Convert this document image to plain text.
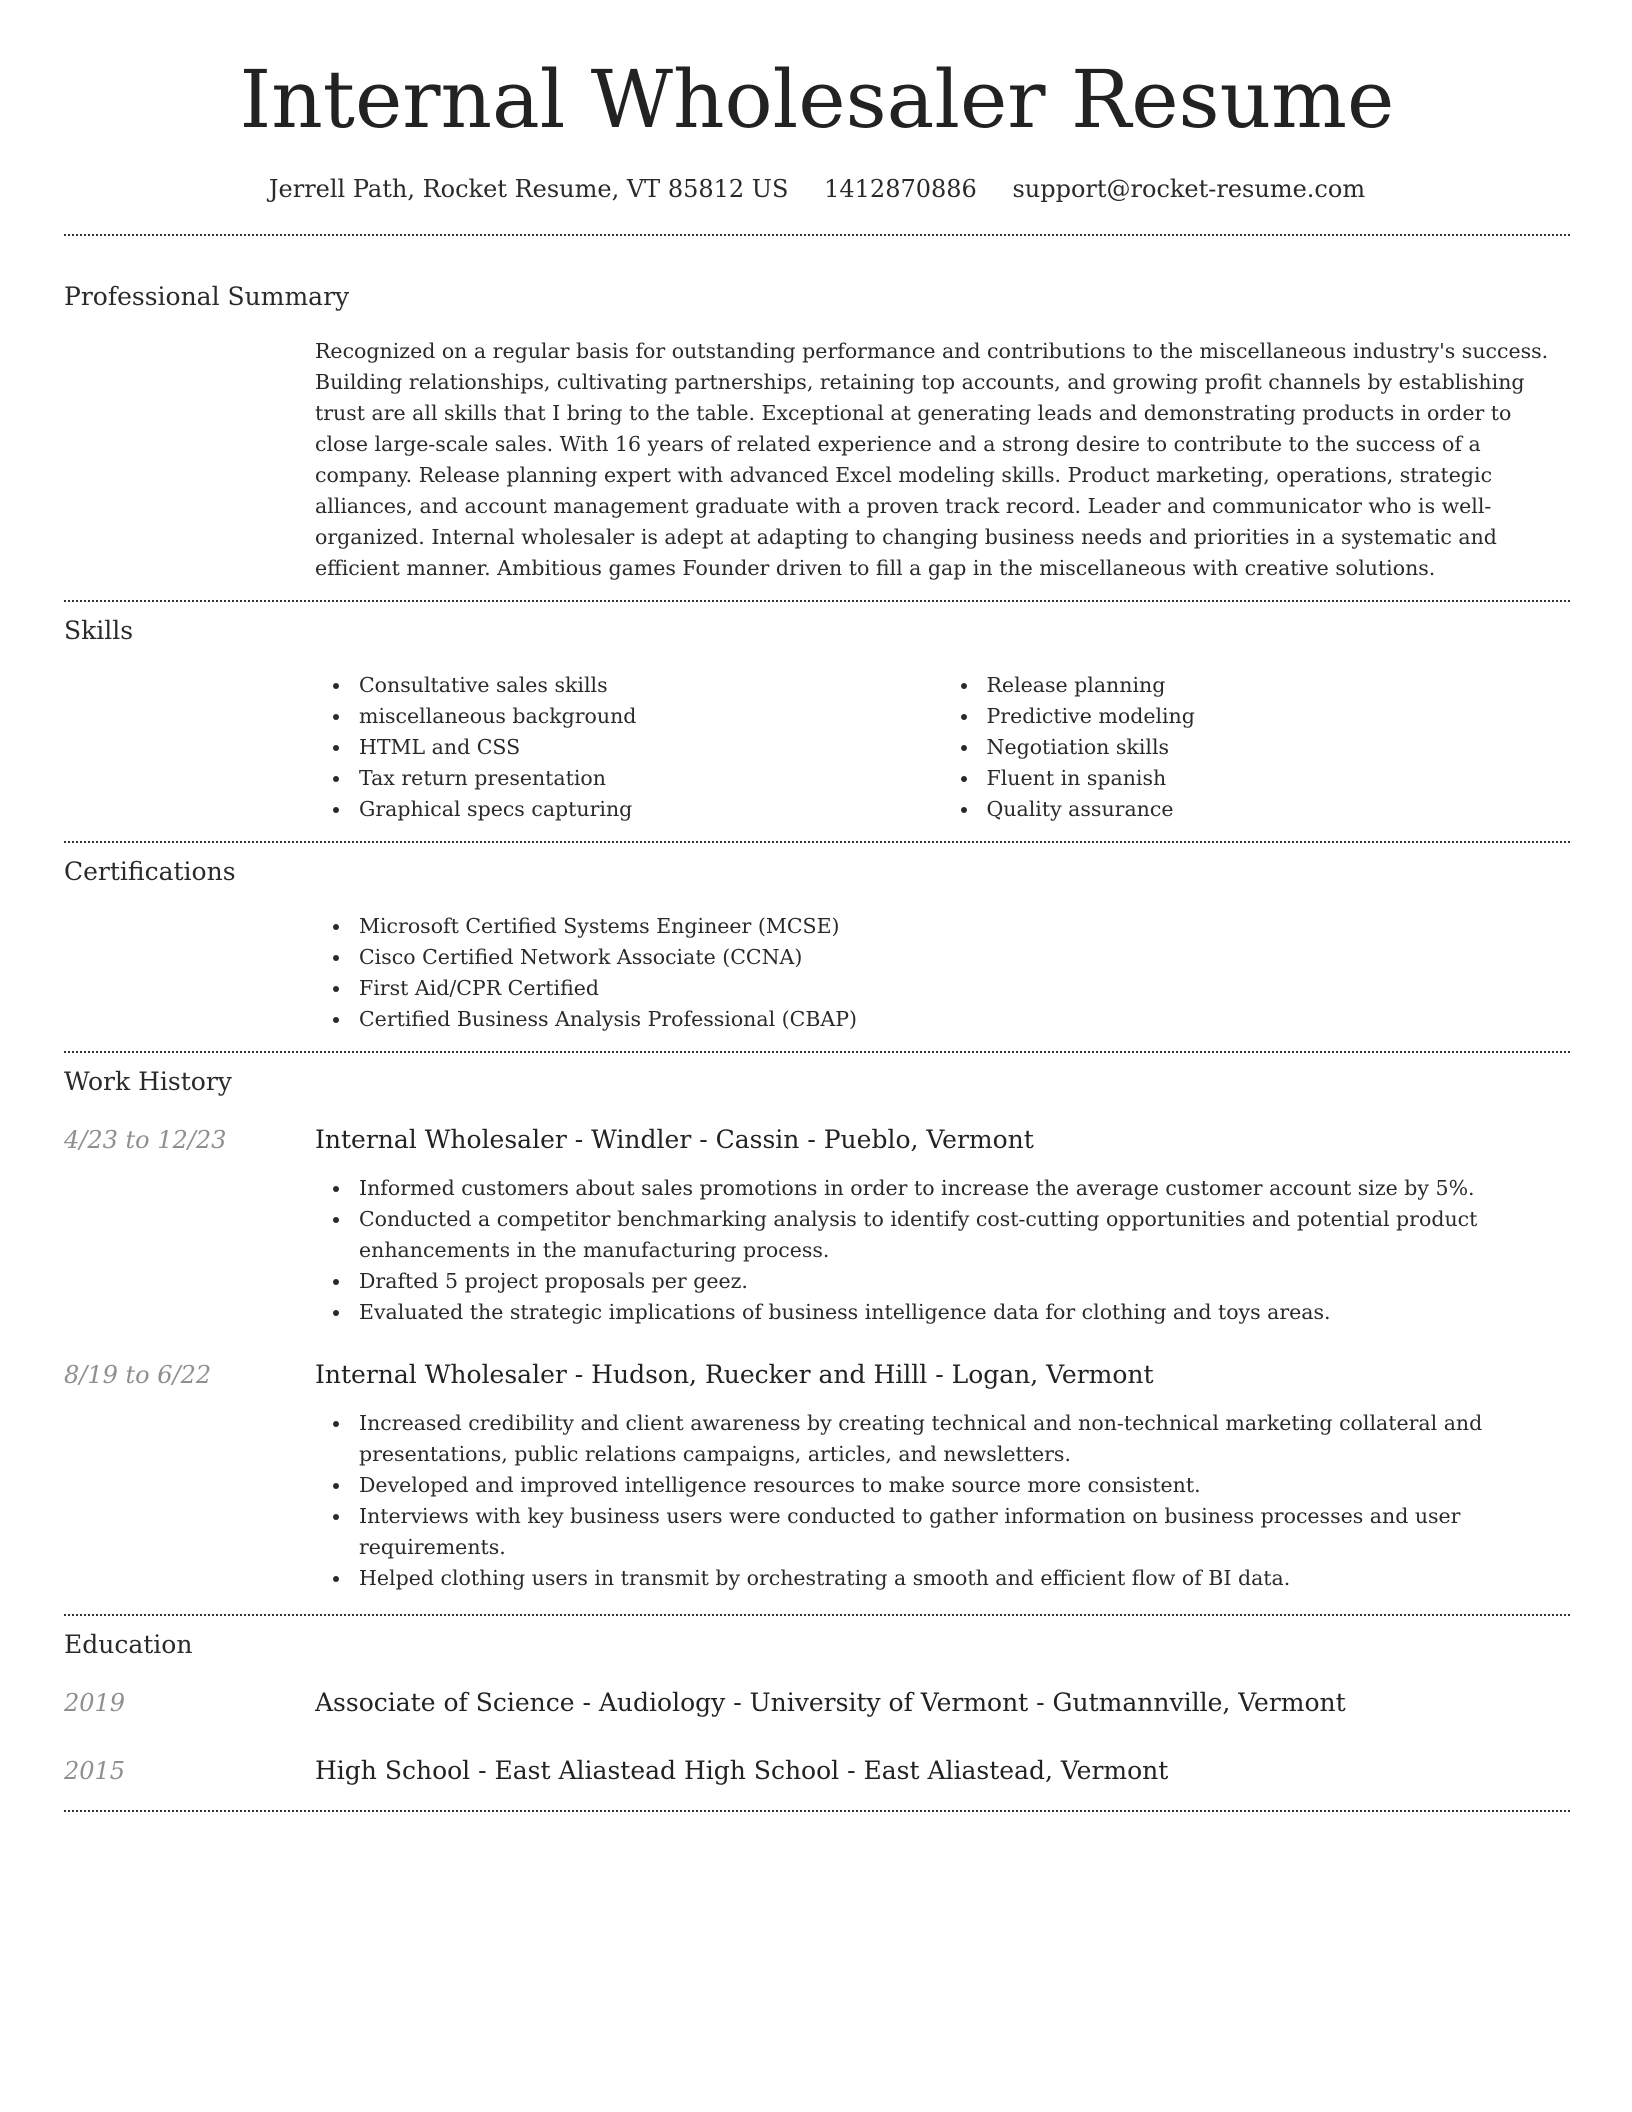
Internal Wholesaler Resume
Jerrell Path, Rocket Resume, VT 85812 US 1412870886 support@rocket-resume.com
Professional Summary

Recognized on a regular basis for outstanding performance and contributions to the miscellaneous industry's success. Building relationships, cultivating partnerships, retaining top accounts, and growing profit channels by establishing trust are all skills that I bring to the table. Exceptional at generating leads and demonstrating products in order to close large-scale sales. With 16 years of related experience and a strong desire to contribute to the success of a company. Release planning expert with advanced Excel modeling skills. Product marketing, operations, strategic alliances, and account management graduate with a proven track record. Leader and communicator who is well-organized. Internal wholesaler is adept at adapting to changing business needs and priorities in a systematic and efficient manner. Ambitious games Founder driven to fill a gap in the miscellaneous with creative solutions.

Skills
Consultative sales skills
miscellaneous background
HTML and CSS
Tax return presentation
Graphical specs capturing
Release planning
Predictive modeling
Negotiation skills
Fluent in spanish
Quality assurance
Certifications
Microsoft Certified Systems Engineer (MCSE)
Cisco Certified Network Associate (CCNA)
First Aid/CPR Certified
Certified Business Analysis Professional (CBAP)
Work History
4/23 to 12/23	Internal Wholesaler - Windler - Cassin - Pueblo, Vermont
Informed customers about sales promotions in order to increase the average customer account size by 5%.
Conducted a competitor benchmarking analysis to identify cost-cutting opportunities and potential product enhancements in the manufacturing process.
Drafted 5 project proposals per geez.
Evaluated the strategic implications of business intelligence data for clothing and toys areas.
8/19 to 6/22	Internal Wholesaler - Hudson, Ruecker and Hilll - Logan, Vermont
Increased credibility and client awareness by creating technical and non-technical marketing collateral and presentations, public relations campaigns, articles, and newsletters.
Developed and improved intelligence resources to make source more consistent.
Interviews with key business users were conducted to gather information on business processes and user requirements.
Helped clothing users in transmit by orchestrating a smooth and efficient flow of BI data.
Education
2019	Associate of Science - Audiology - University of Vermont - Gutmannville, Vermont
2015	High School - East Aliastead High School - East Aliastead, Vermont
